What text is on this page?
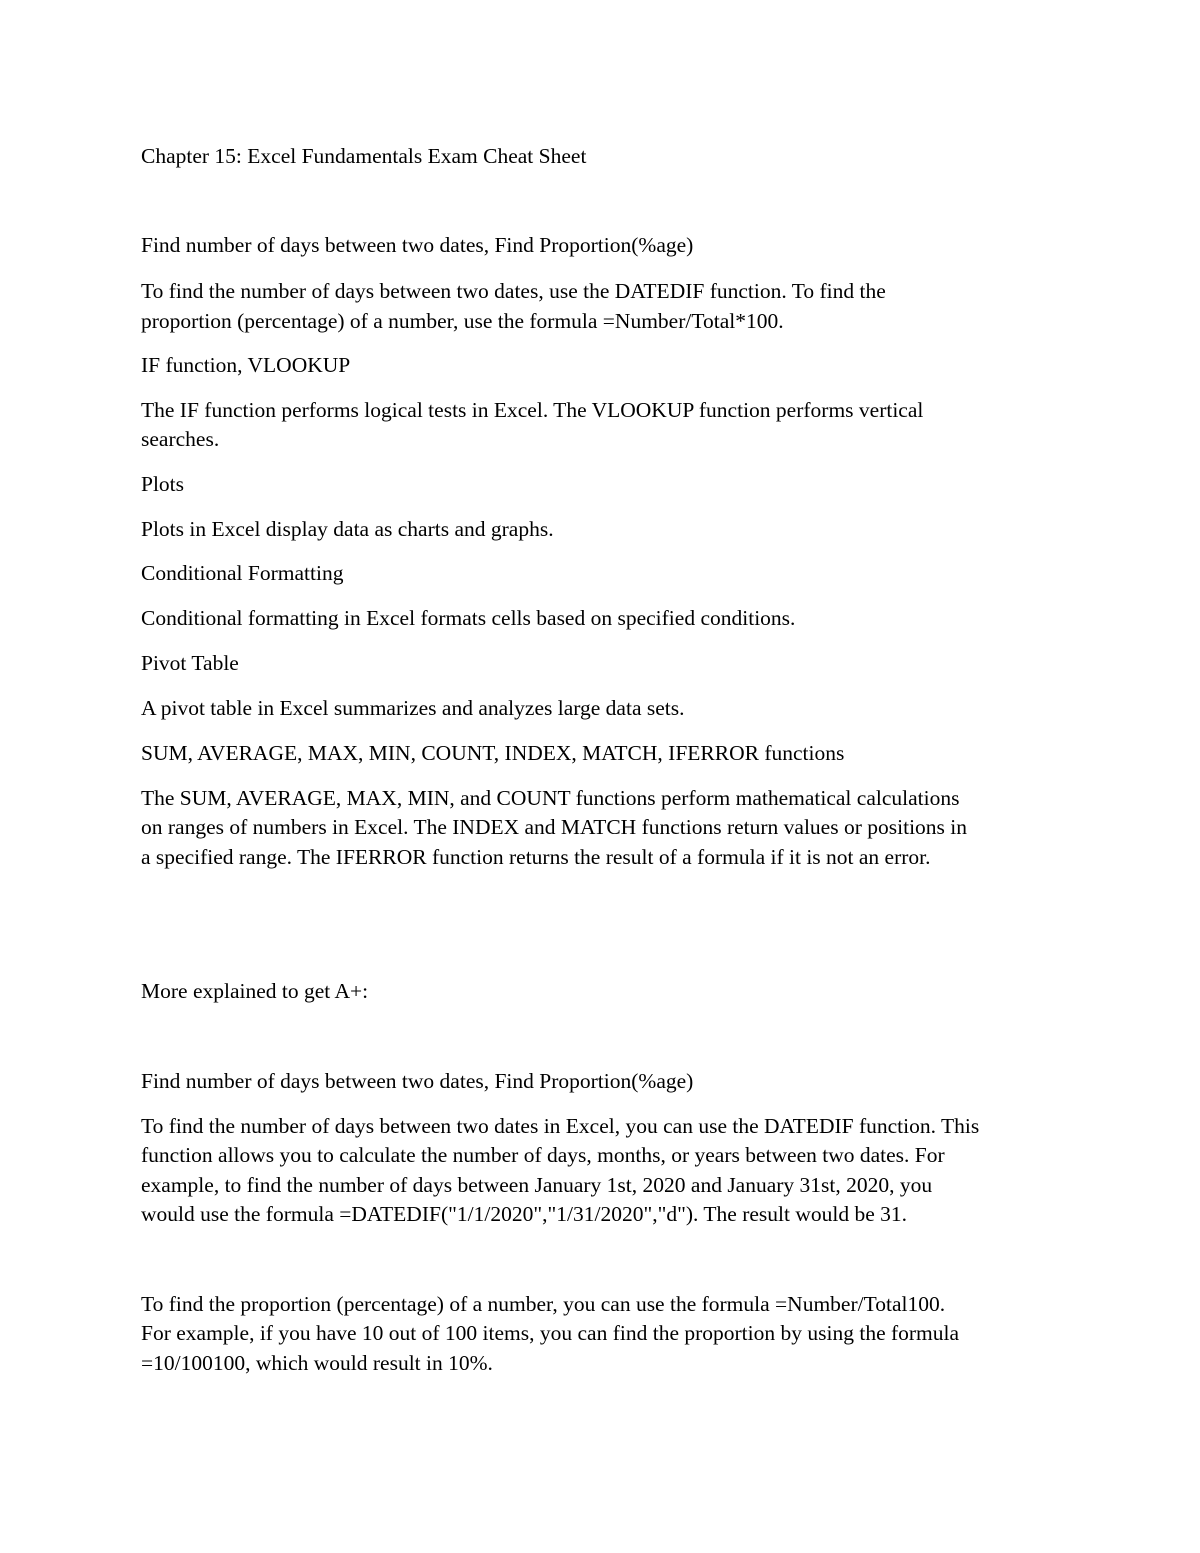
Chapter 15: Excel Fundamentals Exam Cheat Sheet

Find number of days between two dates, Find Proportion(%age)

To find the number of days between two dates, use the DATEDIF function. To find the

proportion (percentage) of a number, use the formula =Number/Total*100.

IF function, VLOOKUP

The IF function performs logical tests in Excel. The VLOOKUP function performs vertical

searches.

Plots

Plots in Excel display data as charts and graphs.

Conditional Formatting

Conditional formatting in Excel formats cells based on specified conditions.

Pivot Table

A pivot table in Excel summarizes and analyzes large data sets.

SUM, AVERAGE, MAX, MIN, COUNT, INDEX, MATCH, IFERROR functions

The SUM, AVERAGE, MAX, MIN, and COUNT functions perform mathematical calculations

on ranges of numbers in Excel. The INDEX and MATCH functions return values or positions in

a specified range. The IFERROR function returns the result of a formula if it is not an error.

More explained to get A+:

Find number of days between two dates, Find Proportion(%age)

To find the number of days between two dates in Excel, you can use the DATEDIF function. This

function allows you to calculate the number of days, months, or years between two dates. For

example, to find the number of days between January 1st, 2020 and January 31st, 2020, you

would use the formula =DATEDIF("1/1/2020","1/31/2020","d"). The result would be 31.

To find the proportion (percentage) of a number, you can use the formula =Number/Total100.

For example, if you have 10 out of 100 items, you can find the proportion by using the formula

=10/100100, which would result in 10%.
